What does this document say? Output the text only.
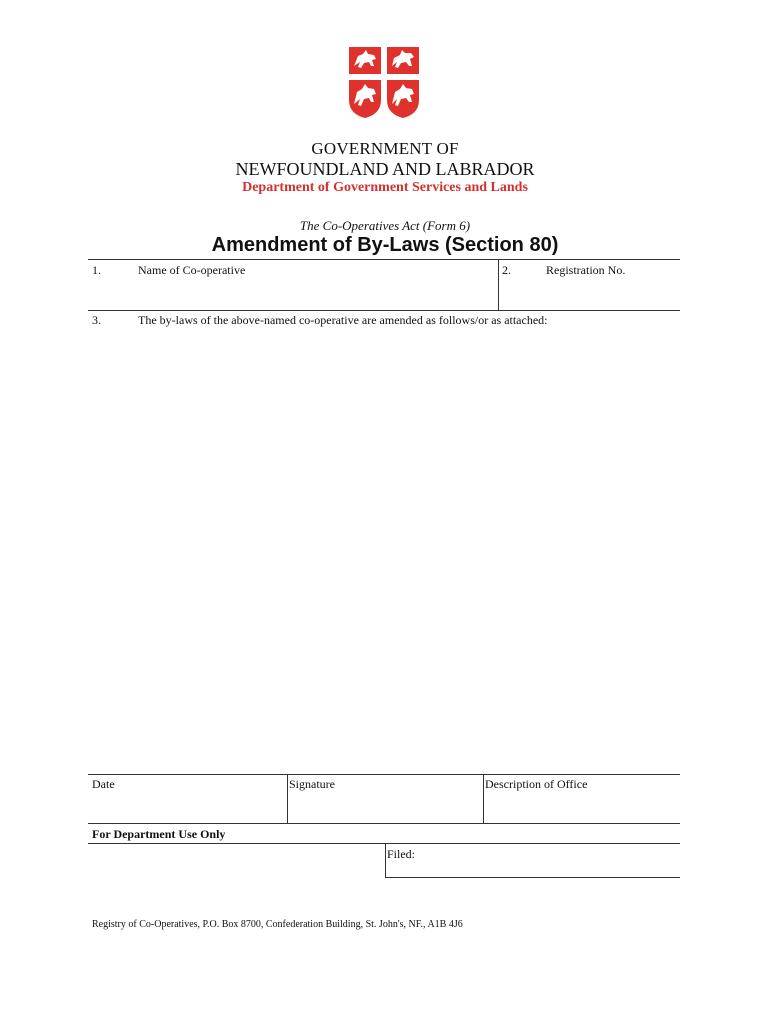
GOVERNMENT OF
NEWFOUNDLAND AND LABRADOR
Department of Government Services and Lands
The Co-Operatives Act (Form 6)
Amendment of By-Laws (Section 80)
1.	Name of Co-operative	2.	Registration No.
3.	The by-laws of the above-named co-operative are amended as follows/or as attached:
Date	Signature	Description of Office
For Department Use Only
Filed:
Registry of Co-Operatives, P.O. Box 8700, Confederation Building, St. John's, NF., A1B 4J6
